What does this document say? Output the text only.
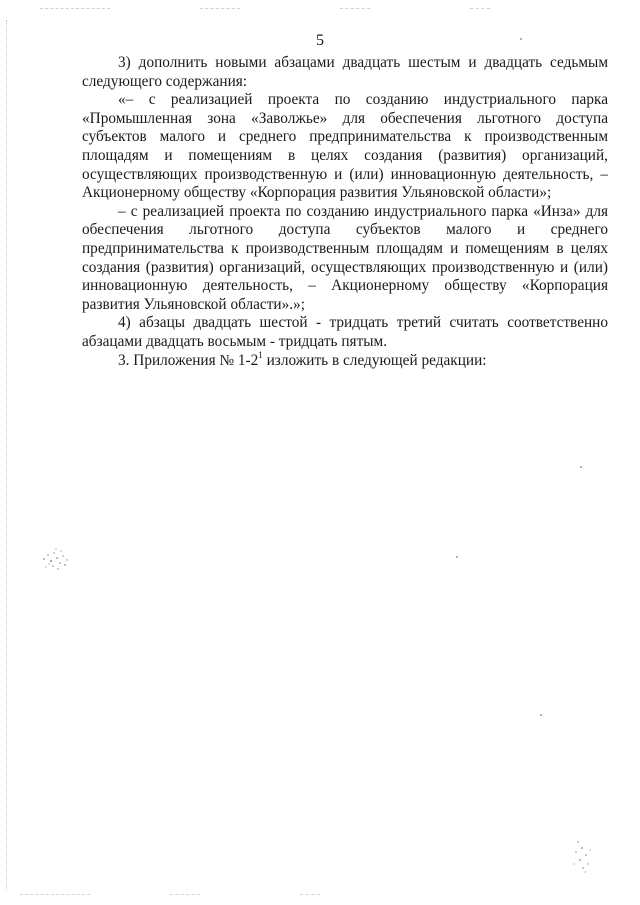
5

3) дополнить новыми абзацами двадцать шестым и двадцать седьмым следующего содержания:

«– с реализацией проекта по созданию индустриального парка «Промышленная зона «Заволжье» для обеспечения льготного доступа субъектов малого и среднего предпринимательства к производственным площадям и помещениям в целях создания (развития) организаций, осуществляющих производственную и (или) инновационную деятельность, – Акционерному обществу «Корпорация развития Ульяновской области»;

– с реализацией проекта по созданию индустриального парка «Инза» для обеспечения льготного доступа субъектов малого и среднего предпринимательства к производственным площадям и помещениям в целях создания (развития) организаций, осуществляющих производственную и (или) инновационную деятельность, – Акционерному обществу «Корпорация развития Ульяновской области».»;

4) абзацы двадцать шестой - тридцать третий считать соответственно абзацами двадцать восьмым - тридцать пятым.

3. Приложения № $1-2^1$ изложить в следующей редакции:
